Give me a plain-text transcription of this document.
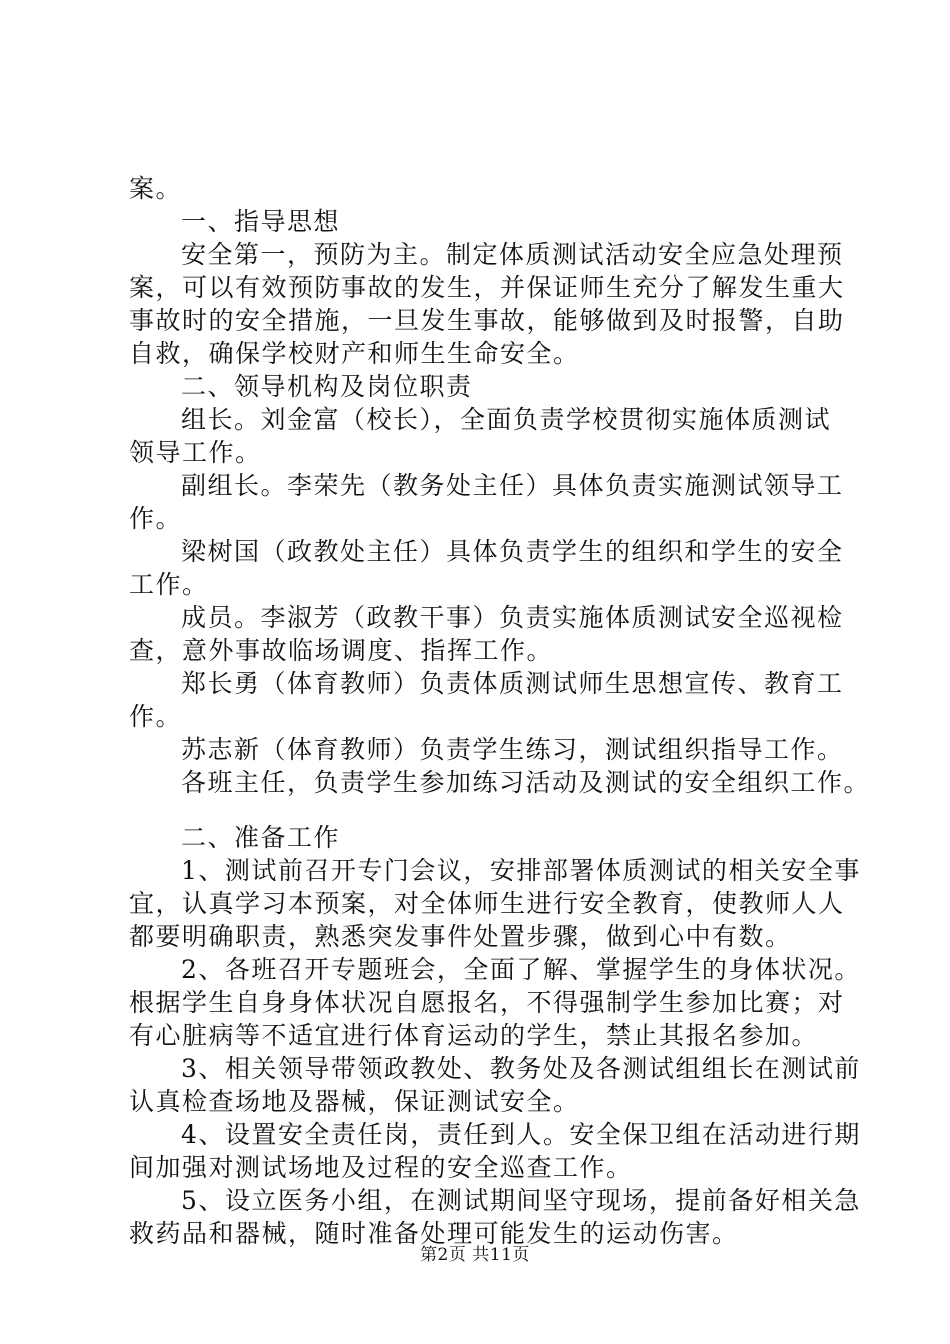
案。
一、指导思想
安全第一，预防为主。制定体质测试活动安全应急处理预
案，可以有效预防事故的发生，并保证师生充分了解发生重大
事故时的安全措施，一旦发生事故，能够做到及时报警，自助
自救，确保学校财产和师生生命安全。
二、领导机构及岗位职责
组长。刘金富（校长），全面负责学校贯彻实施体质测试
领导工作。
副组长。李荣先（教务处主任）具体负责实施测试领导工
作。
梁树国（政教处主任）具体负责学生的组织和学生的安全
工作。
成员。李淑芳（政教干事）负责实施体质测试安全巡视检
查，意外事故临场调度、指挥工作。
郑长勇（体育教师）负责体质测试师生思想宣传、教育工
作。
苏志新（体育教师）负责学生练习，测试组织指导工作。
各班主任，负责学生参加练习活动及测试的安全组织工作。
二、准备工作
1、测试前召开专门会议，安排部署体质测试的相关安全事
宜，认真学习本预案，对全体师生进行安全教育，使教师人人
都要明确职责，熟悉突发事件处置步骤，做到心中有数。
2、各班召开专题班会，全面了解、掌握学生的身体状况。
根据学生自身身体状况自愿报名，不得强制学生参加比赛；对
有心脏病等不适宜进行体育运动的学生，禁止其报名参加。
3、相关领导带领政教处、教务处及各测试组组长在测试前
认真检查场地及器械，保证测试安全。
4、设置安全责任岗，责任到人。安全保卫组在活动进行期
间加强对测试场地及过程的安全巡查工作。
5、设立医务小组，在测试期间坚守现场，提前备好相关急
救药品和器械，随时准备处理可能发生的运动伤害。
第2页 共11页
